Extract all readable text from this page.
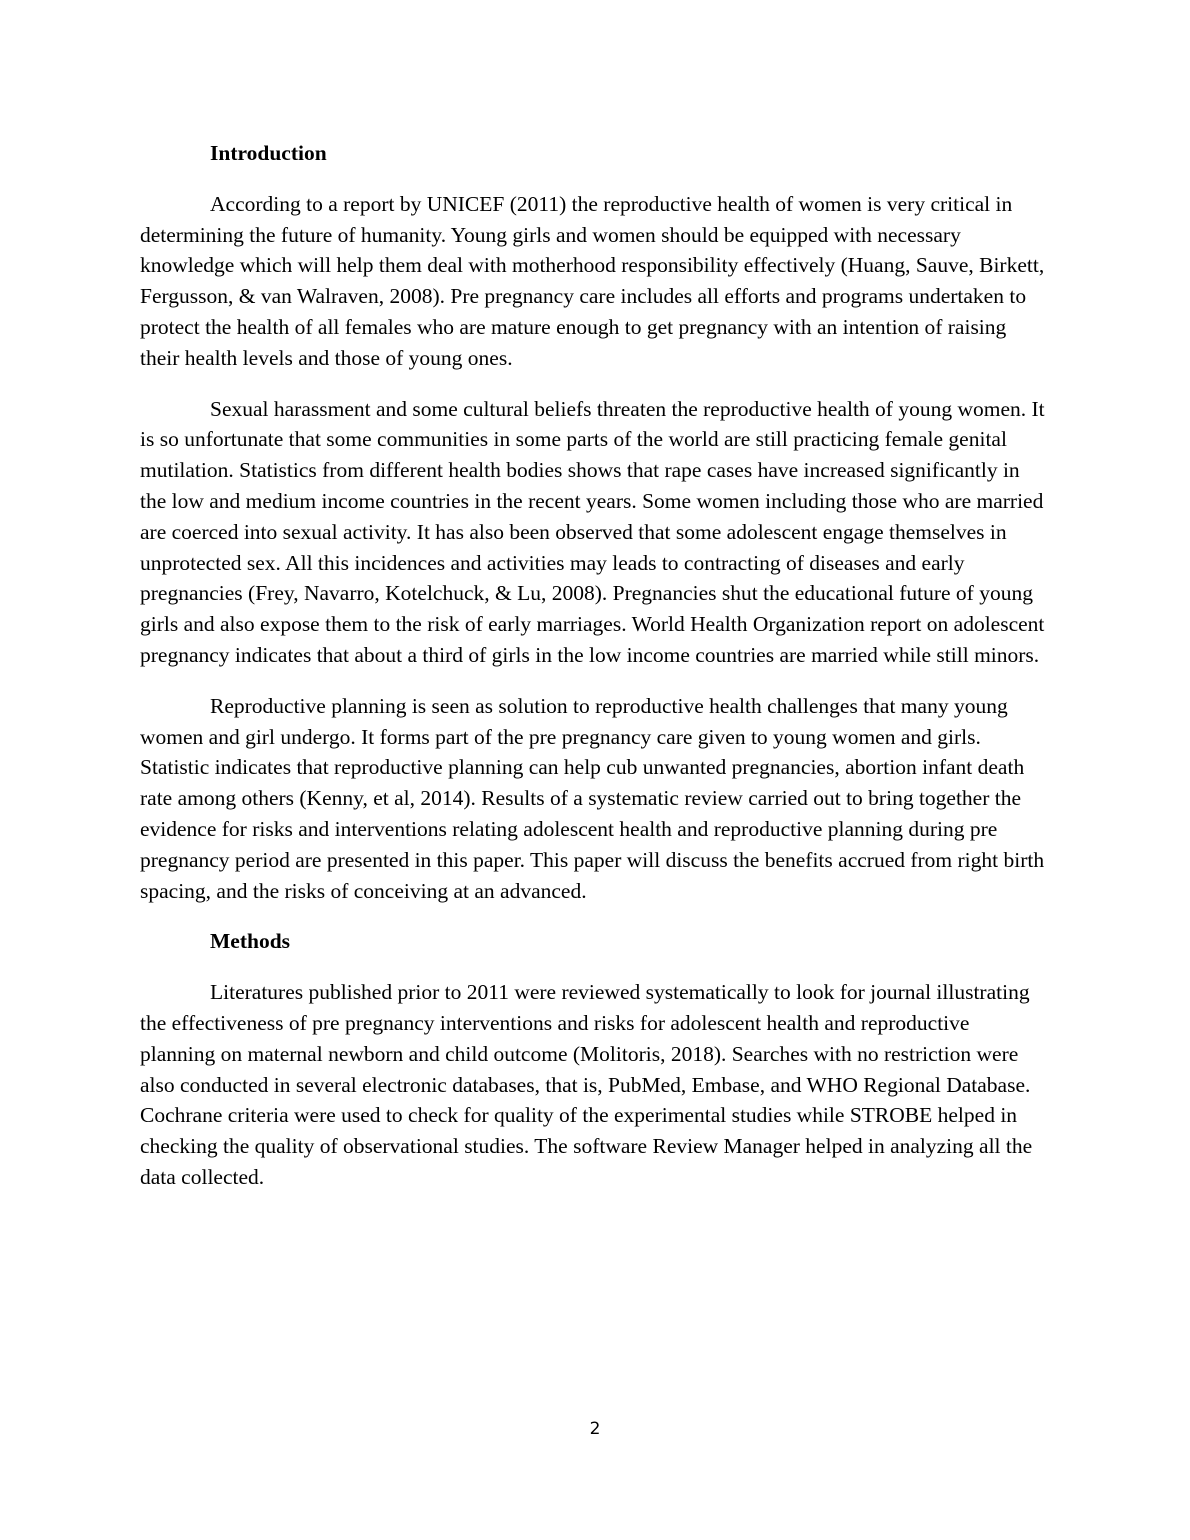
Introduction

According to a report by UNICEF (2011) the reproductive health of women is very critical in determining the future of humanity. Young girls and women should be equipped with necessary knowledge which will help them deal with motherhood responsibility effectively (Huang, Sauve, Birkett, Fergusson, & van Walraven, 2008). Pre pregnancy care includes all efforts and programs undertaken to protect the health of all females who are mature enough to get pregnancy with an intention of raising their health levels and those of young ones.

Sexual harassment and some cultural beliefs threaten the reproductive health of young women. It is so unfortunate that some communities in some parts of the world are still practicing female genital mutilation. Statistics from different health bodies shows that rape cases have increased significantly in the low and medium income countries in the recent years. Some women including those who are married are coerced into sexual activity. It has also been observed that some adolescent engage themselves in unprotected sex. All this incidences and activities may leads to contracting of diseases and early pregnancies (Frey, Navarro, Kotelchuck, & Lu, 2008). Pregnancies shut the educational future of young girls and also expose them to the risk of early marriages. World Health Organization report on adolescent pregnancy indicates that about a third of girls in the low income countries are married while still minors.

Reproductive planning is seen as solution to reproductive health challenges that many young women and girl undergo. It forms part of the pre pregnancy care given to young women and girls. Statistic indicates that reproductive planning can help cub unwanted pregnancies, abortion infant death rate among others (Kenny, et al, 2014). Results of a systematic review carried out to bring together the evidence for risks and interventions relating adolescent health and reproductive planning during pre pregnancy period are presented in this paper. This paper will discuss the benefits accrued from right birth spacing, and the risks of conceiving at an advanced.

Methods

Literatures published prior to 2011 were reviewed systematically to look for journal illustrating the effectiveness of pre pregnancy interventions and risks for adolescent health and reproductive planning on maternal newborn and child outcome (Molitoris, 2018). Searches with no restriction were also conducted in several electronic databases, that is, PubMed, Embase, and WHO Regional Database. Cochrane criteria were used to check for quality of the experimental studies while STROBE helped in checking the quality of observational studies. The software Review Manager helped in analyzing all the data collected.

2
